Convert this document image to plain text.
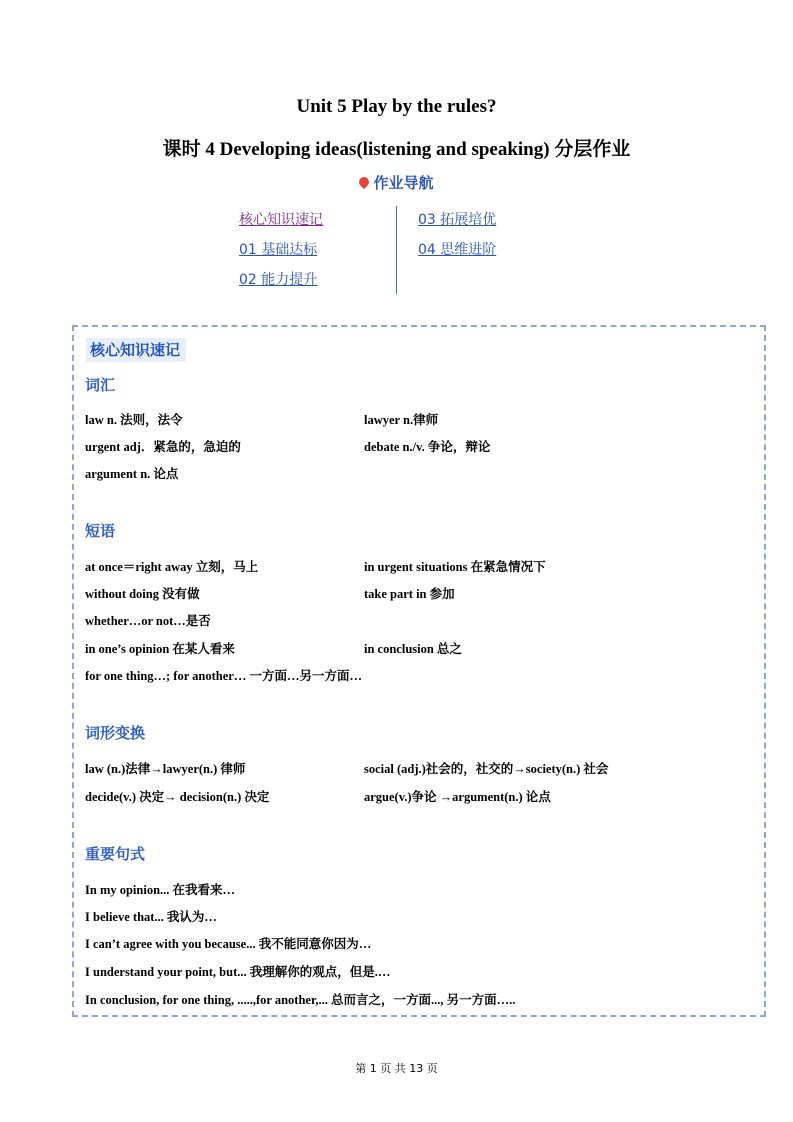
Unit 5 Play by the rules?
课时 4 Developing ideas(listening and speaking) 分层作业
作业导航
核心知识速记
01 基础达标
02 能力提升
03 拓展培优
04 思维进阶
核心知识速记
词汇
law n. 法则，法令	lawyer n.律师
urgent adj．紧急的，急迫的	debate n./v. 争论，辩论
argument n. 论点
短语
at once＝right away 立刻，马上	in urgent situations 在紧急情况下
without doing 没有做	take part in 参加
whether…or not…是否
in one’s opinion 在某人看来	in conclusion 总之
for one thing…; for another… 一方面…另一方面…
词形变换
law (n.)法律→lawyer(n.) 律师	social (adj.)社会的，社交的→society(n.) 社会
decide(v.) 决定→ decision(n.) 决定	argue(v.)争论 →argument(n.) 论点
重要句式
In my opinion... 在我看来…
I believe that... 我认为…
I can’t agree with you because... 我不能同意你因为…
I understand your point, but... 我理解你的观点，但是.…
In conclusion, for one thing, .....,for another,... 总而言之，一方面..., 另一方面…..
第 1 页 共 13 页
